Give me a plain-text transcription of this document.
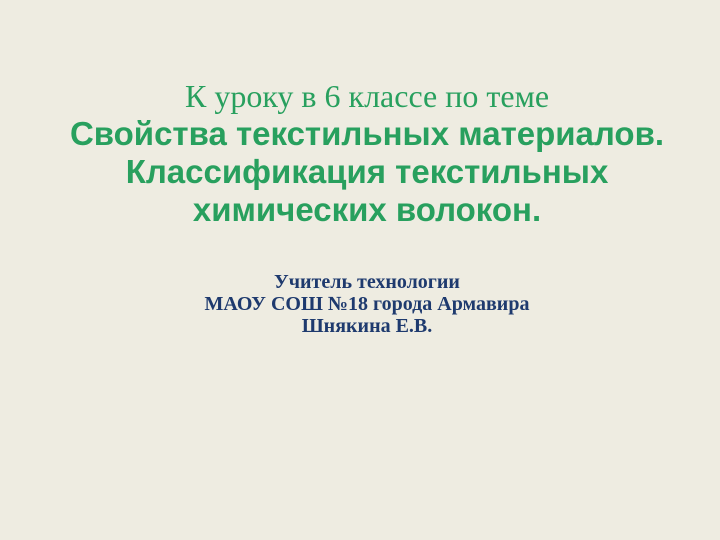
К уроку в 6 классе по теме
Свойства текстильных материалов.
Классификация текстильных
химических волокон.
Учитель технологии
МАОУ СОШ №18 города Армавира
Шнякина Е.В.
